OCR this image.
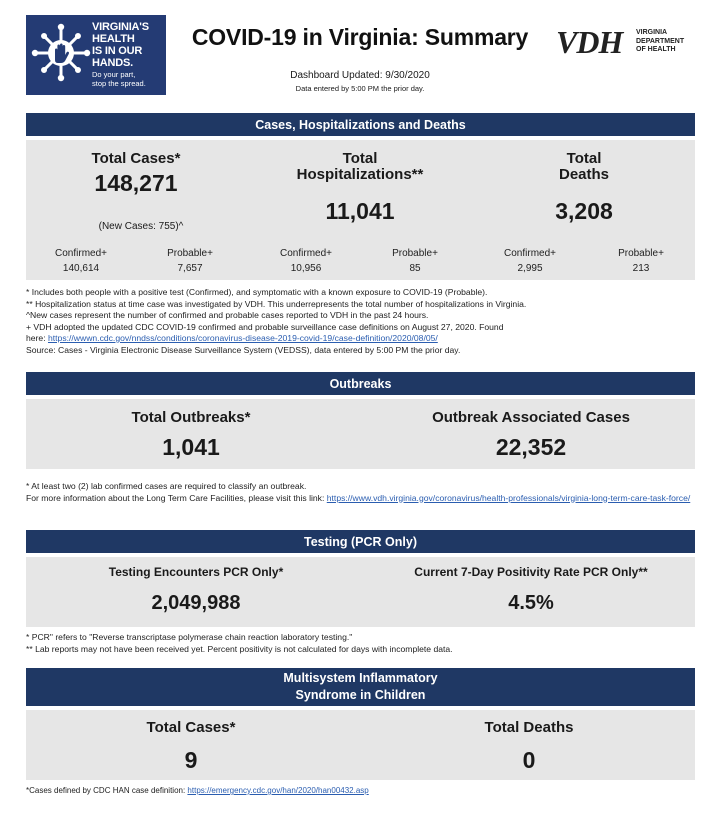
VIRGINIA'S
HEALTH
IS IN OUR
HANDS.
Do your part,
stop the spread.
COVID-19 in Virginia: Summary
Dashboard Updated: 9/30/2020
Data entered by 5:00 PM the prior day.
VDH VIRGINIA
DEPARTMENT
OF HEALTH
Cases, Hospitalizations and Deaths
Total Cases*
148,271
(New Cases: 755)^
Total
Hospitalizations**
11,041
Total
Deaths
3,208
Confirmed+
140,614
Probable+
7,657
Confirmed+
10,956
Probable+
85
Confirmed+
2,995
Probable+
213
* Includes both people with a positive test (Confirmed), and symptomatic with a known exposure to COVID-19 (Probable).
** Hospitalization status at time case was investigated by VDH. This underrepresents the total number of hospitalizations in Virginia.
^New cases represent the number of confirmed and probable cases reported to VDH in the past 24 hours.
+ VDH adopted the updated CDC COVID-19 confirmed and probable surveillance case definitions on August 27, 2020. Found
here: https://wwwn.cdc.gov/nndss/conditions/coronavirus-disease-2019-covid-19/case-definition/2020/08/05/
Source: Cases - Virginia Electronic Disease Surveillance System (VEDSS), data entered by 5:00 PM the prior day.
Outbreaks
Total Outbreaks*
1,041
Outbreak Associated Cases
22,352
* At least two (2) lab confirmed cases are required to classify an outbreak.
For more information about the Long Term Care Facilities, please visit this link: https://www.vdh.virginia.gov/coronavirus/health-professionals/virginia-long-term-care-task-force/
Testing (PCR Only)
Testing Encounters PCR Only*
2,049,988
Current 7-Day Positivity Rate PCR Only**
4.5%
* PCR" refers to "Reverse transcriptase polymerase chain reaction laboratory testing."
** Lab reports may not have been received yet. Percent positivity is not calculated for days with incomplete data.
Multisystem Inflammatory
Syndrome in Children
Total Cases*
9
Total Deaths
0
*Cases defined by CDC HAN case definition: https://emergency.cdc.gov/han/2020/han00432.asp
